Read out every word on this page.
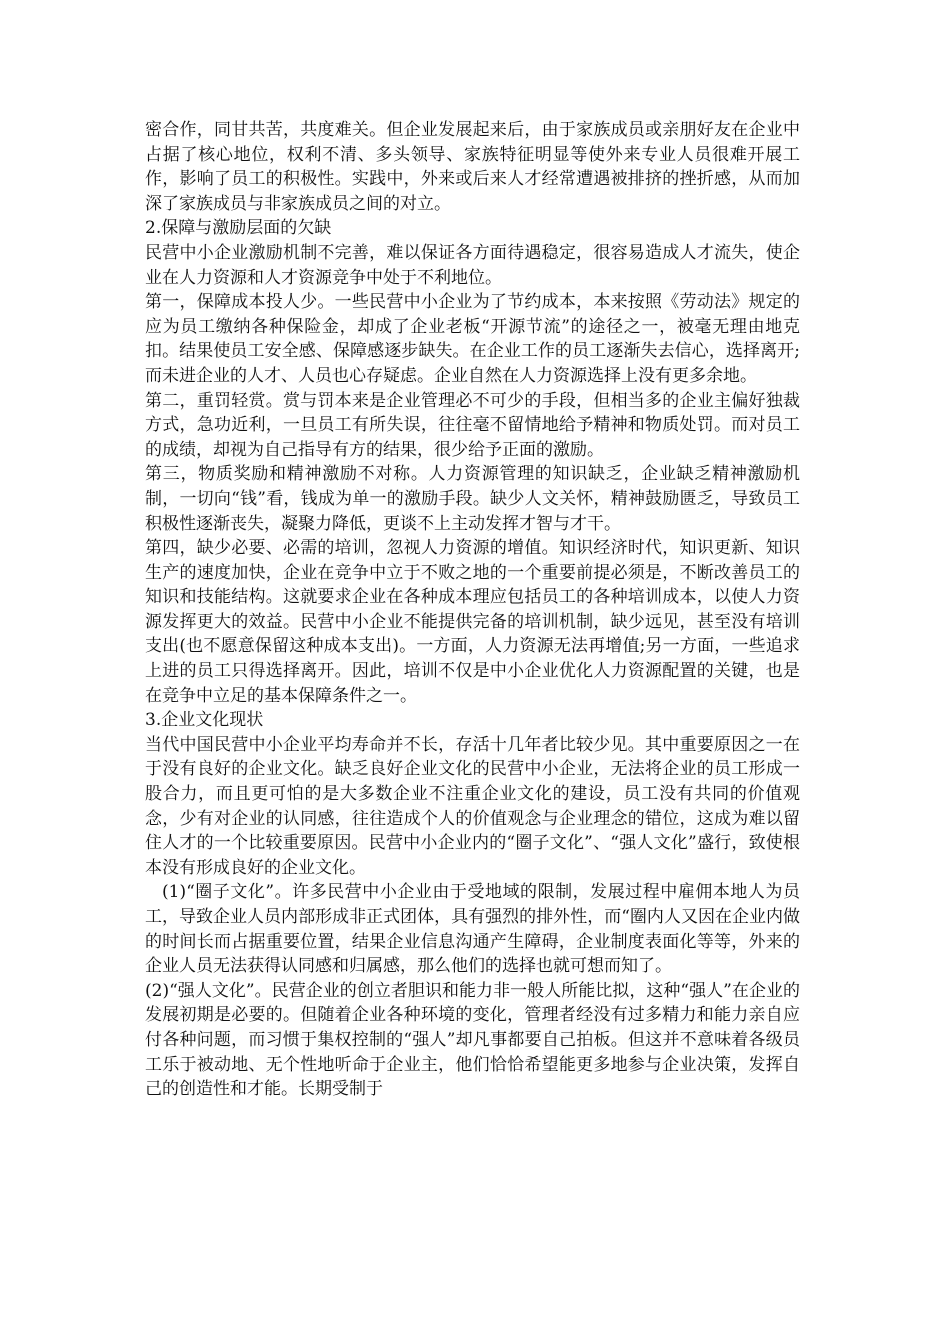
密合作，同甘共苦，共度难关。但企业发展起来后，由于家族成员或亲朋好友在企业中占据了核心地位，权利不清、多头领导、家族特征明显等使外来专业人员很难开展工作，影响了员工的积极性。实践中，外来或后来人才经常遭遇被排挤的挫折感，从而加深了家族成员与非家族成员之间的对立。

2.保障与激励层面的欠缺

民营中小企业激励机制不完善，难以保证各方面待遇稳定，很容易造成人才流失，使企业在人力资源和人才资源竞争中处于不利地位。

第一，保障成本投人少。一些民营中小企业为了节约成本，本来按照《劳动法》规定的应为员工缴纳各种保险金，却成了企业老板“开源节流”的途径之一，被毫无理由地克扣。结果使员工安全感、保障感逐步缺失。在企业工作的员工逐渐失去信心，选择离开;而未进企业的人才、人员也心存疑虑。企业自然在人力资源选择上没有更多余地。

第二，重罚轻赏。赏与罚本来是企业管理必不可少的手段，但相当多的企业主偏好独裁方式，急功近利，一旦员工有所失误，往往毫不留情地给予精神和物质处罚。而对员工的成绩，却视为自己指导有方的结果，很少给予正面的激励。

第三，物质奖励和精神激励不对称。人力资源管理的知识缺乏，企业缺乏精神激励机制，一切向“钱”看，钱成为单一的激励手段。缺少人文关怀，精神鼓励匮乏，导致员工积极性逐渐丧失，凝聚力降低，更谈不上主动发挥才智与才干。

第四，缺少必要、必需的培训，忽视人力资源的增值。知识经济时代，知识更新、知识生产的速度加快，企业在竞争中立于不败之地的一个重要前提必须是，不断改善员工的知识和技能结构。这就要求企业在各种成本理应包括员工的各种培训成本，以使人力资源发挥更大的效益。民营中小企业不能提供完备的培训机制，缺少远见，甚至没有培训支出(也不愿意保留这种成本支出)。一方面，人力资源无法再增值;另一方面，一些追求上进的员工只得选择离开。因此，培训不仅是中小企业优化人力资源配置的关键，也是在竞争中立足的基本保障条件之一。

3.企业文化现状

当代中国民营中小企业平均寿命并不长，存活十几年者比较少见。其中重要原因之一在于没有良好的企业文化。缺乏良好企业文化的民营中小企业，无法将企业的员工形成一股合力，而且更可怕的是大多数企业不注重企业文化的建设，员工没有共同的价值观念，少有对企业的认同感，往往造成个人的价值观念与企业理念的错位，这成为难以留住人才的一个比较重要原因。民营中小企业内的“圈子文化”、“强人文化”盛行，致使根本没有形成良好的企业文化。

(1)“圈子文化”。许多民营中小企业由于受地域的限制，发展过程中雇佣本地人为员工，导致企业人员内部形成非正式团体，具有强烈的排外性，而“圈内人又因在企业内做的时间长而占据重要位置，结果企业信息沟通产生障碍，企业制度表面化等等，外来的企业人员无法获得认同感和归属感，那么他们的选择也就可想而知了。

(2)“强人文化”。民营企业的创立者胆识和能力非一般人所能比拟，这种“强人”在企业的发展初期是必要的。但随着企业各种环境的变化，管理者经没有过多精力和能力亲自应付各种问题，而习惯于集权控制的“强人”却凡事都要自己拍板。但这并不意味着各级员工乐于被动地、无个性地听命于企业主，他们恰恰希望能更多地参与企业决策，发挥自己的创造性和才能。长期受制于
